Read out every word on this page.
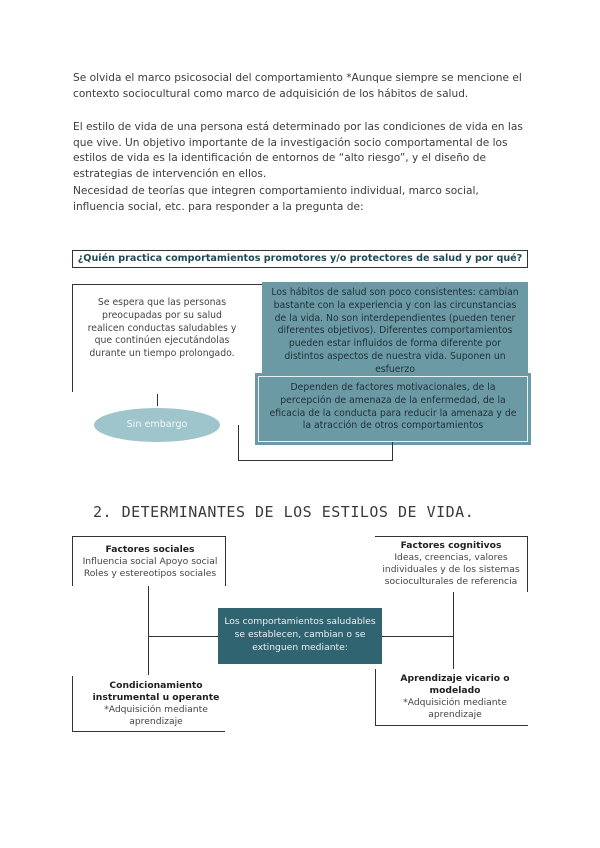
Se olvida el marco psicosocial del comportamiento *Aunque siempre se mencione el contexto sociocultural como marco de adquisición de los hábitos de salud.

El estilo de vida de una persona está determinado por las condiciones de vida en las que vive. Un objetivo importante de la investigación socio comportamental de los estilos de vida es la identificación de entornos de “alto riesgo”, y el diseño de estrategias de intervención en ellos.

Necesidad de teorías que integren comportamiento individual, marco social, influencia social, etc. para responder a la pregunta de:

¿Quién practica comportamientos promotores y/o protectores de salud y por qué?
Se espera que las personas preocupadas por su salud realicen conductas saludables y que continúen ejecutándolas durante un tiempo prolongado.
Los hábitos de salud son poco consistentes: cambian bastante con la experiencia y con las circunstancias de la vida. No son interdependientes (pueden tener diferentes objetivos). Diferentes comportamientos pueden estar influidos de forma diferente por distintos aspectos de nuestra vida. Suponen un esfuerzo
Dependen de factores motivacionales, de la percepción de amenaza de la enfermedad, de la eficacia de la conducta para reducir la amenaza y de la atracción de otros comportamientos
Sin embargo
2. DETERMINANTES DE LOS ESTILOS DE VIDA.
Factores sociales
Influencia social Apoyo social Roles y estereotipos sociales
Factores cognitivos
Ideas, creencias, valores individuales y de los sistemas socioculturales de referencia
Los comportamientos saludables se establecen, cambian o se extinguen mediante:
Condicionamiento instrumental u operante
*Adquisición mediante aprendizaje
Aprendizaje vicario o modelado
*Adquisición mediante aprendizaje
